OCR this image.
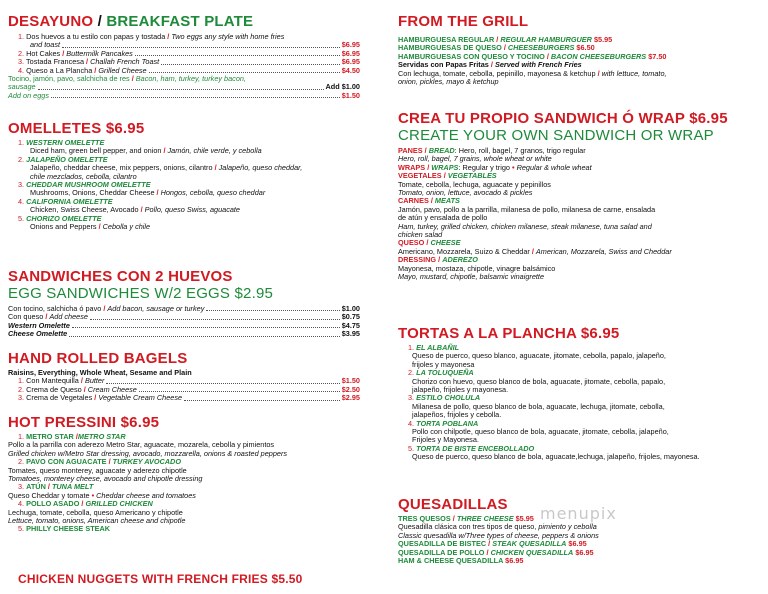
DESAYUNO / BREAKFAST PLATE
1. Dos huevos a tu estilo con papas y tostada / Two eggs any style with home fries
and toast	$6.95
2. Hot Cakes / Buttermilk Pancakes	$6.95
3. Tostada Francesa / Challah French Toast	$6.95
4. Queso a La Plancha / Grilled Cheese	$4.50
Tocino, jamón, pavo, salchicha de res / Bacon, ham, turkey, turkey bacon,
sausage	Add $1.00
Add on eggs	$1.50
OMELLETES $6.95
1. WESTERN OMELETTE
Diced ham, green bell pepper, and onion / Jamón, chile verde, y cebolla
2. JALAPEÑO OMELETTE
Jalapeño, cheddar cheese, mix peppers, onions, cilantro / Jalapeño, queso cheddar,
chile mezclados, cebolla, cilantro
3. CHEDDAR MUSHROOM OMELETTE
Mushrooms, Onions, Cheddar Cheese / Hongos, cebolla, queso cheddar
4. CALIFORNIA OMELETTE
Chicken, Swiss Cheese, Avocado / Pollo, queso Swiss, aguacate
5. CHORIZO OMELETTE
Onions and Peppers / Cebolla y chile
SANDWICHES CON 2 HUEVOS
EGG SANDWICHES W/2 EGGS $2.95
Con tocino, salchicha ó pavo / Add bacon, sausage or turkey	$1.00
Con queso / Add cheese	$0.75
Western Omelette	$4.75
Cheese Omelette	$3.95
HAND ROLLED BAGELS
Raisins, Everything, Whole Wheat, Sesame and Plain
1. Con Mantequilla / Butter	$1.50
2. Crema de Queso / Cream Cheese	$2.50
3. Crema de Vegetales / Vegetable Cream Cheese	$2.95
HOT PRESSINI $6.95
1. METRO STAR /METRO STAR
Pollo a la parrilla con aderezo Metro Star, aguacate, mozarela, cebolla y pimientos
Grilled chicken w/Metro Star dressing, avocado, mozzarella, onions & roasted peppers
2. PAVO CON AGUACATE / TURKEY AVOCADO
Tomates, queso monterey, aguacate y aderezo chipotle
Tomatoes, monterey cheese, avocado and chipotle dressing
3. ATÚN / TUNA MELT
Queso Cheddar y tomate • Cheddar cheese and tomatoes
4. POLLO ASADO / GRILLED CHICKEN
Lechuga, tomate, cebolla, queso Americano y chipotle
Lettuce, tomato, onions, American cheese and chipotle
5. PHILLY CHEESE STEAK
CHICKEN NUGGETS WITH FRENCH FRIES $5.50
FROM THE GRILL
HAMBURGUESA REGULAR / REGULAR HAMBURGUER $5.95
HAMBURGUESAS DE QUESO / CHEESEBURGERS $6.50
HAMBURGUESAS CON QUESO Y TOCINO / BACON CHEESEBURGERS $7.50
Servidas con Papas Fritas / Served with French Fries
Con lechuga, tomate, cebolla, pepinillo, mayonesa & ketchup / with lettuce, tomato,
onion, pickles, mayo & ketchup
CREA TU PROPIO SANDWICH Ó WRAP $6.95
CREATE YOUR OWN SANDWICH OR WRAP
PANES / BREAD: Hero, roll, bagel, 7 granos, trigo regular
Hero, roll, bagel, 7 grains, whole wheat or white
WRAPS / WRAPS: Regular y trigo • Regular & whole wheat
VEGETALES / VEGETABLES
Tomate, cebolla, lechuga, aguacate y pepinillos
Tomato, onion, lettuce, avocado & pickles
CARNES / MEATS
Jamón, pavo, pollo a la parrilla, milanesa de pollo, milanesa de carne, ensalada
de atún y ensalada de pollo
Ham, turkey, grilled chicken, chicken milanese, steak milanese, tuna salad and
chicken salad
QUESO / CHEESE
Americano, Mozzarela, Suizo & Cheddar / American, Mozzarela, Swiss and Cheddar
DRESSING / ADEREZO
Mayonesa, mostaza, chipotle, vinagre balsámico
Mayo, mustard, chipotle, balsamic vinaigrette
TORTAS A LA PLANCHA $6.95
1. EL ALBAÑIL
Queso de puerco, queso blanco, aguacate, jitomate, cebolla, papalo, jalapeño,
frijoles y mayonesa
2. LA TOLUQUEÑA
Chorizo con huevo, queso blanco de bola, aguacate, jitomate, cebolla, papalo,
jalapeño, frijoles y mayonesa.
3. ESTILO CHOLULA
Milanesa de pollo, queso blanco de bola, aguacate, lechuga, jitomate, cebolla,
jalapeños, frijoles y cebolla.
4. TORTA POBLANA
Pollo con chilpotle, queso blanco de bola, aguacate, jitomate, cebolla, jalapeño,
Frijoles y Mayonesa.
5. TORTA DE BISTE ENCEBOLLADO
Queso de puerco, queso blanco de bola, aguacate,lechuga, jalapeño, frijoles, mayonesa.
QUESADILLAS
TRES QUESOS / THREE CHEESE $5.95
Quesadilla clásica con tres tipos de queso, pimiento y cebolla
Classic quesadilla w/Three types of cheese, peppers & onions
QUESADILLA DE BISTEC / STEAK QUESADILLA $6.95
QUESADILLA DE POLLO / CHICKEN QUESADILLA $6.95
HAM & CHEESE QUESADILLA $6.95
menupix
